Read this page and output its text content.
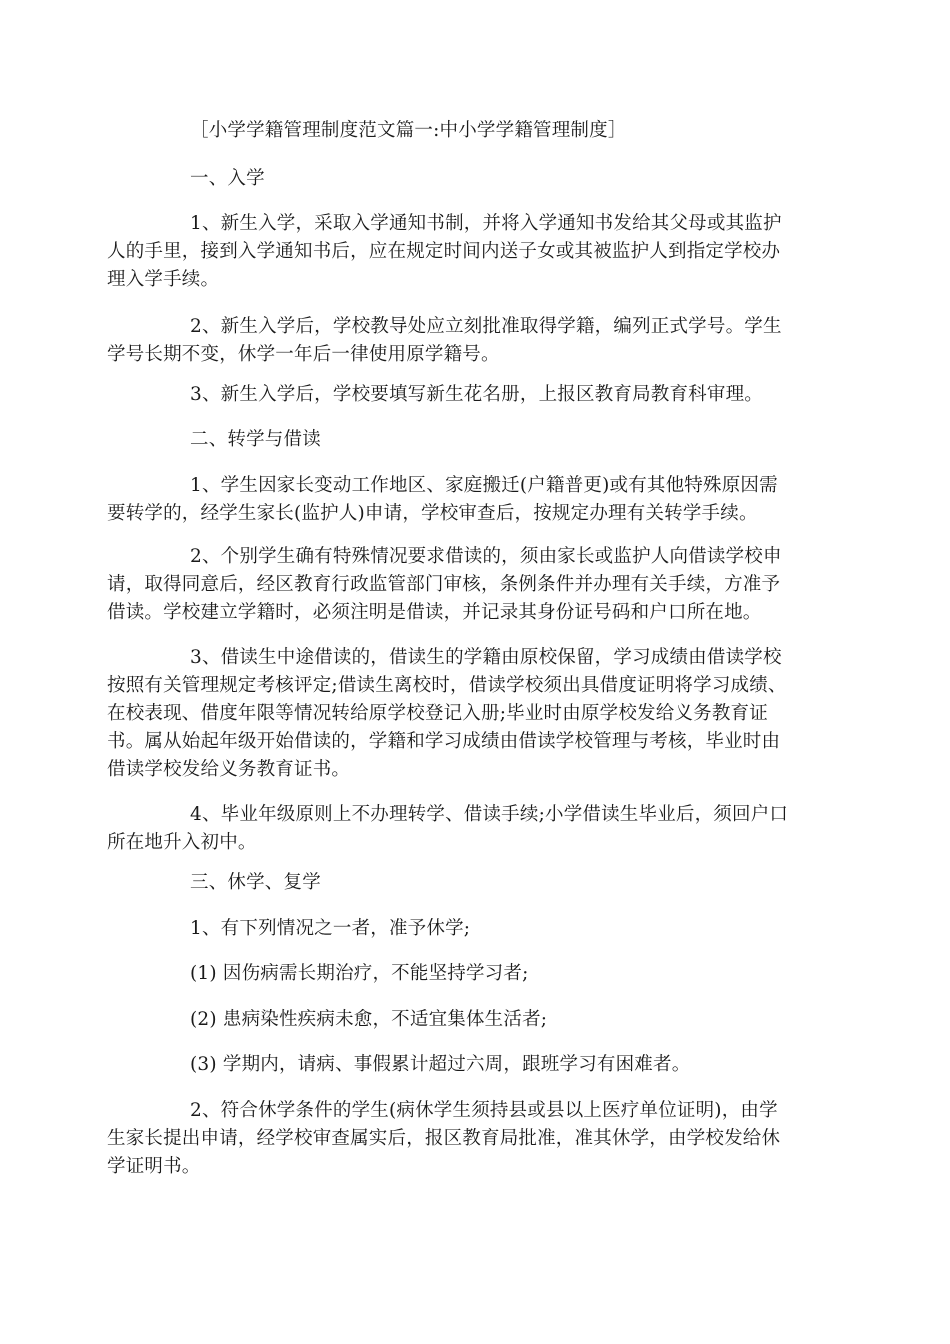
［小学学籍管理制度范文篇一:中小学学籍管理制度］
一、入学
1、新生入学，采取入学通知书制，并将入学通知书发给其父母或其监护
人的手里，接到入学通知书后，应在规定时间内送子女或其被监护人到指定学校办
理入学手续。
2、新生入学后，学校教导处应立刻批准取得学籍，编列正式学号。学生
学号长期不变，休学一年后一律使用原学籍号。
3、新生入学后，学校要填写新生花名册，上报区教育局教育科审理。
二、转学与借读
1、学生因家长变动工作地区、家庭搬迁(户籍普更)或有其他特殊原因需
要转学的，经学生家长(监护人)申请，学校审查后，按规定办理有关转学手续。
2、个别学生确有特殊情况要求借读的，须由家长或监护人向借读学校申
请，取得同意后，经区教育行政监管部门审核，条例条件并办理有关手续，方准予
借读。学校建立学籍时，必须注明是借读，并记录其身份证号码和户口所在地。
3、借读生中途借读的，借读生的学籍由原校保留，学习成绩由借读学校
按照有关管理规定考核评定;借读生离校时，借读学校须出具借度证明将学习成绩、
在校表现、借度年限等情况转给原学校登记入册;毕业时由原学校发给义务教育证
书。属从始起年级开始借读的，学籍和学习成绩由借读学校管理与考核，毕业时由
借读学校发给义务教育证书。
4、毕业年级原则上不办理转学、借读手续;小学借读生毕业后，须回户口
所在地升入初中。
三、休学、复学
1、有下列情况之一者，准予休学;
(1) 因伤病需长期治疗，不能坚持学习者;
(2) 患病染性疾病未愈，不适宜集体生活者;
(3) 学期内，请病、事假累计超过六周，跟班学习有困难者。
2、符合休学条件的学生(病休学生须持县或县以上医疗单位证明)，由学
生家长提出申请，经学校审查属实后，报区教育局批准，准其休学，由学校发给休
学证明书。
